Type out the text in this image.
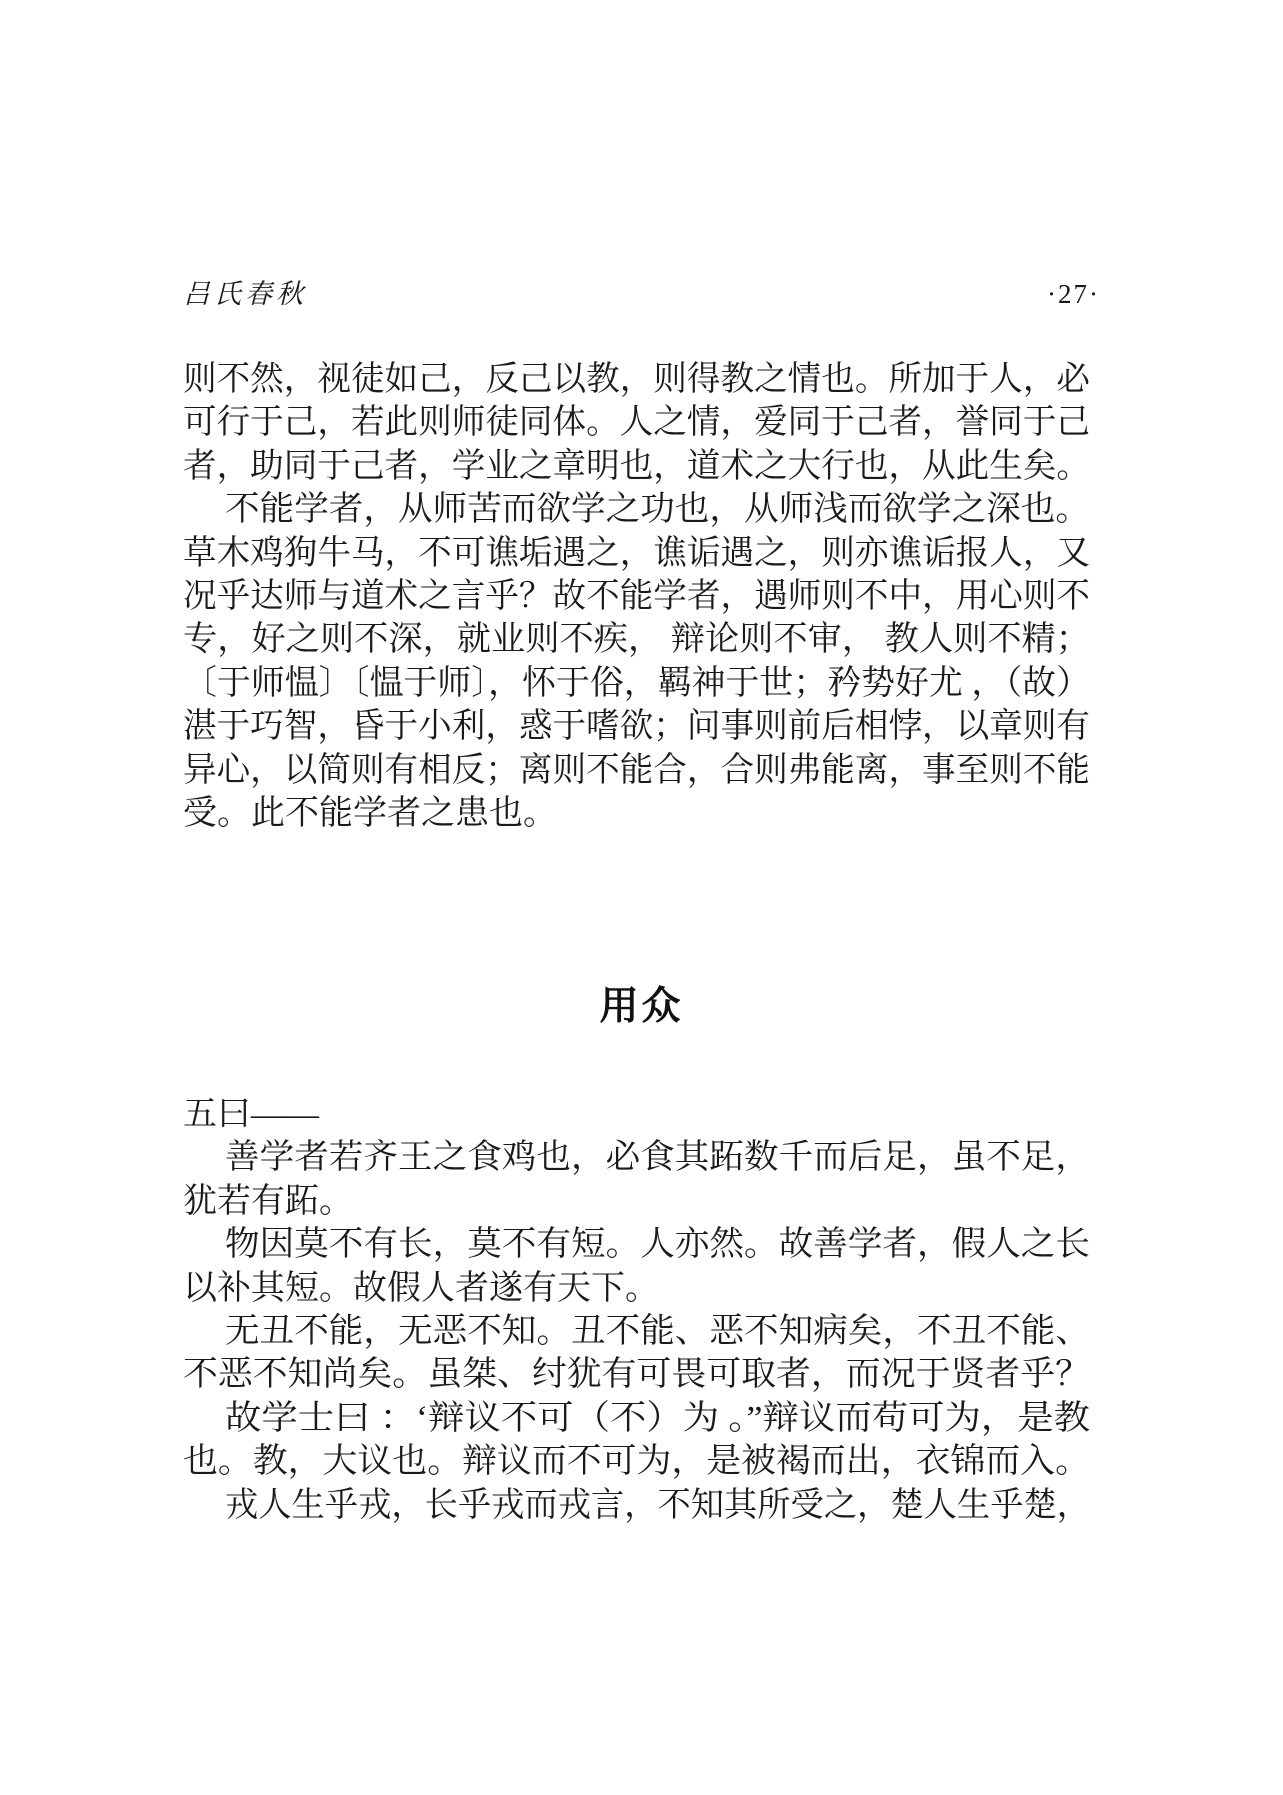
吕氏春秋	·27·
则不然，视徒如己，反己以教，则得教之情也。所加于人，必
可行于己，若此则师徒同体。人之情，爱同于己者，誉同于己
者，助同于己者，学业之章明也，道术之大行也，从此生矣。
不能学者，从师苦而欲学之功也，从师浅而欲学之深也。
草木鸡狗牛马，不可谯垢遇之，谯诟遇之，则亦谯诟报人，又
况乎达师与道术之言乎？故不能学者，遇师则不中，用心则不
专，好之则不深，就业则不疾， 辩论则不审， 教人则不精；
〔于师愠〕〔愠于师〕，怀于俗，羁神于世；矜势好尤 ，（故）
湛于巧智，昏于小利，惑于嗜欲；问事则前后相悖，以章则有
异心，以简则有相反；离则不能合，合则弗能离，事至则不能
受。此不能学者之患也。
用众
五曰——
善学者若齐王之食鸡也，必食其跖数千而后足，虽不足，
犹若有跖。
物因莫不有长，莫不有短。人亦然。故善学者，假人之长
以补其短。故假人者遂有天下。
无丑不能，无恶不知。丑不能、恶不知病矣，不丑不能、
不恶不知尚矣。虽桀、纣犹有可畏可取者，而况于贤者乎？
故学士曰 ：‘辩议不可（不）为 。”辩议而苟可为，是教
也。教，大议也。辩议而不可为，是被褐而出，衣锦而入。
戎人生乎戎，长乎戎而戎言，不知其所受之，楚人生乎楚，
